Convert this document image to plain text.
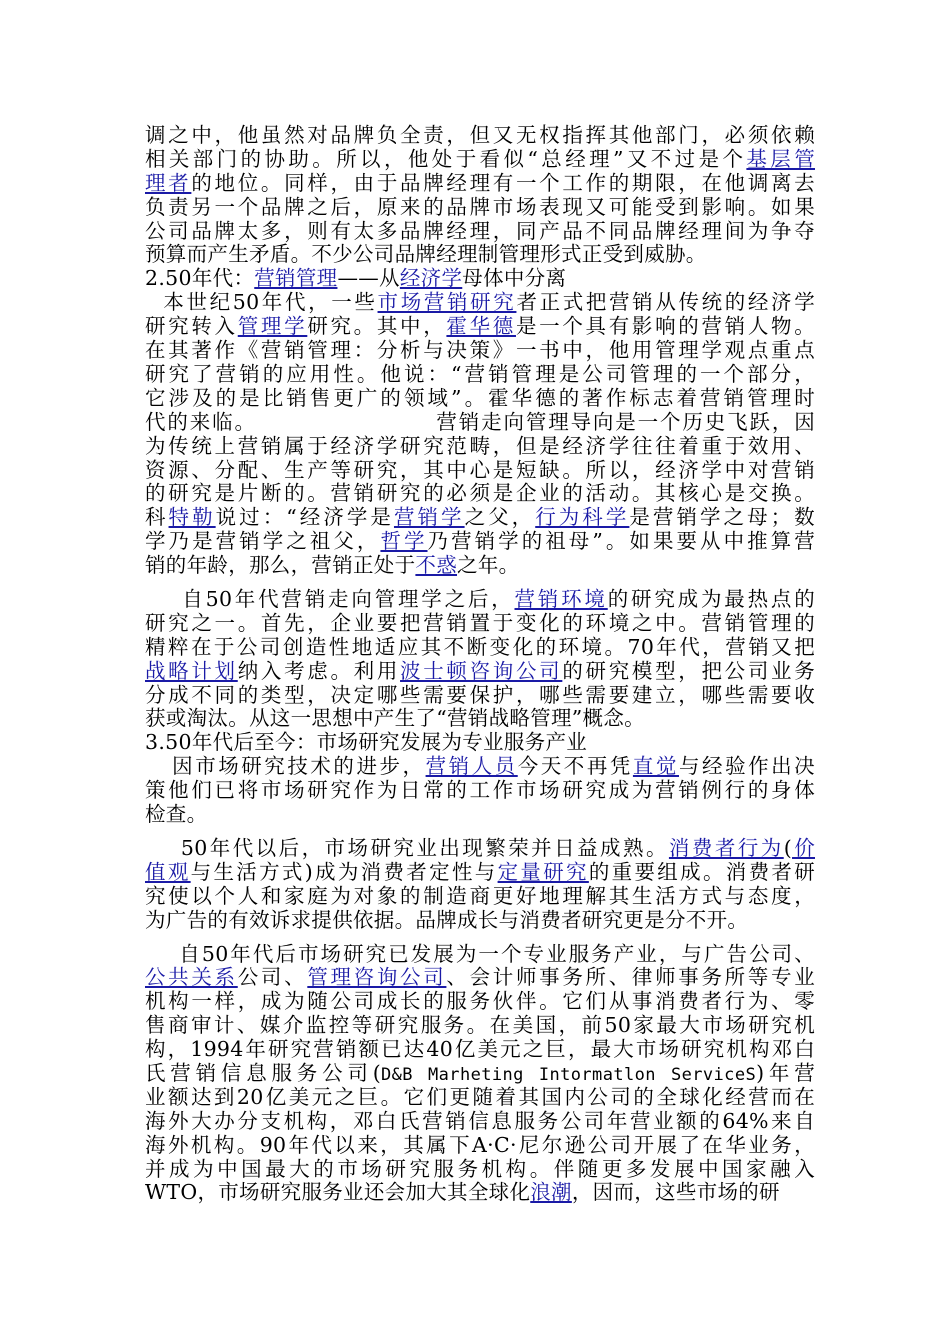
调之中，他虽然对品牌负全责，但又无权指挥其他部门，必须依赖
相关部门的协助。所以，他处于看似“总经理”又不过是个基层管
理者的地位。同样，由于品牌经理有一个工作的期限，在他调离去
负责另一个品牌之后，原来的品牌市场表现又可能受到影响。如果
公司品牌太多，则有太多品牌经理，同产品不同品牌经理间为争夺
预算而产生矛盾。不少公司品牌经理制管理形式正受到威胁。
2.50年代：营销管理——从经济学母体中分离
本世纪50年代，一些市场营销研究者正式把营销从传统的经济学
研究转入管理学研究。其中，霍华德是一个具有影响的营销人物。
在其著作《营销管理：分析与决策》一书中，他用管理学观点重点
研究了营销的应用性。他说：“营销管理是公司管理的一个部分，
它涉及的是比销售更广的领域”。霍华德的著作标志着营销管理时
代的来临。	营销走向管理导向是一个历史飞跃，因
为传统上营销属于经济学研究范畴，但是经济学往往着重于效用、
资源、分配、生产等研究，其中心是短缺。所以，经济学中对营销
的研究是片断的。营销研究的必须是企业的活动。其核心是交换。
科特勒说过：“经济学是营销学之父，行为科学是营销学之母；数
学乃是营销学之祖父，哲学乃营销学的祖母”。如果要从中推算营
销的年龄，那么，营销正处于不惑之年。
自50年代营销走向管理学之后，营销环境的研究成为最热点的
研究之一。首先，企业要把营销置于变化的环境之中。营销管理的
精粹在于公司创造性地适应其不断变化的环境。70年代，营销又把
战略计划纳入考虑。利用波士顿咨询公司的研究模型，把公司业务
分成不同的类型，决定哪些需要保护，哪些需要建立，哪些需要收
获或淘汰。从这一思想中产生了“营销战略管理”概念。
3.50年代后至今：市场研究发展为专业服务产业
因市场研究技术的进步，营销人员今天不再凭直觉与经验作出决
策他们已将市场研究作为日常的工作市场研究成为营销例行的身体
检查。
50年代以后，市场研究业出现繁荣并日益成熟。消费者行为(价
值观与生活方式)成为消费者定性与定量研究的重要组成。消费者研
究使以个人和家庭为对象的制造商更好地理解其生活方式与态度，
为广告的有效诉求提供依据。品牌成长与消费者研究更是分不开。
自50年代后市场研究已发展为一个专业服务产业，与广告公司、
公共关系公司、管理咨询公司、会计师事务所、律师事务所等专业
机构一样，成为随公司成长的服务伙伴。它们从事消费者行为、零
售商审计、媒介监控等研究服务。在美国，前50家最大市场研究机
构，1994年研究营销额已达40亿美元之巨，最大市场研究机构邓白
氏营销信息服务公司(D&B Marheting Intormatlon ServiceS)年营
业额达到20亿美元之巨。它们更随着其国内公司的全球化经营而在
海外大办分支机构，邓白氏营销信息服务公司年营业额的64%来自
海外机构。90年代以来，其属下A·C·尼尔逊公司开展了在华业务，
并成为中国最大的市场研究服务机构。伴随更多发展中国家融入
WTO，市场研究服务业还会加大其全球化浪潮，因而，这些市场的研
